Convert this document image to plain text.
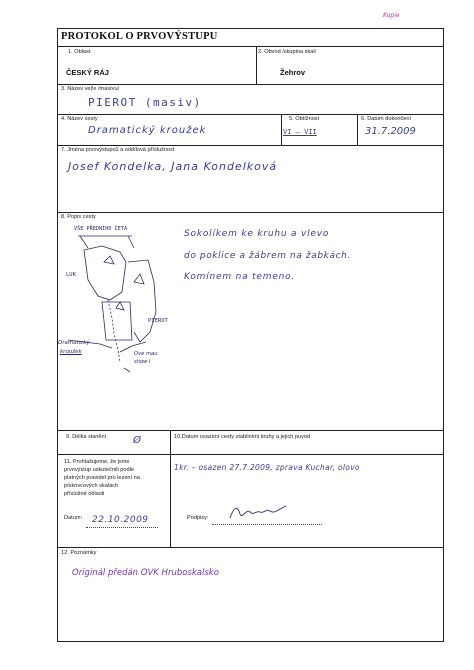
Kopie
PROTOKOL O PRVOVÝSTUPU
1. Oblast	2. Obvod /skupina skal/
ČESKÝ RÁJ	Žehrov
3. Název veže /masívu/
PIEROT (masiv)
4. Název cesty	5. Obtížnost	6. Datum dokončení
Dramatický kroužek	VI – VII	31.7.2009
7. Jména prvovýstupců a oddílová příslušnost
Josef Kondelka, Jana Kondelková
8. Popis cesty
Sokolíkem ke kruhu a vlevo
do poklice a žábrem na žabkách.
Komínem na temeno.
VŠE PŘEDNÍHO ČETA
LUK
PIEROT
Dramatický
kroužek	Ove mau
show I
9. Délka slanění	10.Datum osazení cesty stabilními kruhy a jejich puvod
Ø
11. Prohlašujeme, že jsme
prvovýstup uskutečnili podle
platných pravidel pro lezení na
pískovcových skalách
příslušné oblasti
1kr. – osazen 27.7.2009, zprava Kuchar, olovo
Datum: 22.10.2009	Podpisy:
12. Poznámky
Originál předán OVK Hruboskalsko
